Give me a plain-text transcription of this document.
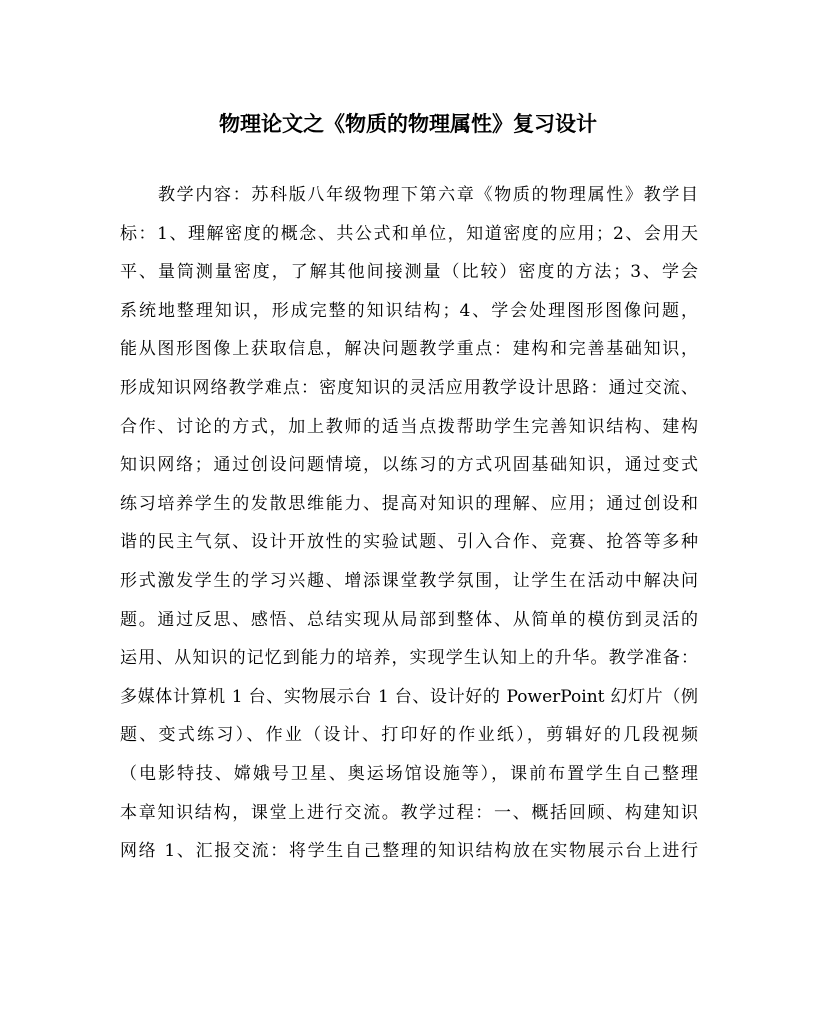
物理论文之《物质的物理属性》复习设计
教学内容：苏科版八年级物理下第六章《物质的物理属性》教学目
标：1、理解密度的概念、共公式和单位，知道密度的应用；2、会用天
平、量筒测量密度，了解其他间接测量（比较）密度的方法；3、学会
系统地整理知识，形成完整的知识结构；4、学会处理图形图像问题，
能从图形图像上获取信息，解决问题教学重点：建构和完善基础知识，
形成知识网络教学难点：密度知识的灵活应用教学设计思路：通过交流、
合作、讨论的方式，加上教师的适当点拨帮助学生完善知识结构、建构
知识网络；通过创设问题情境，以练习的方式巩固基础知识，通过变式
练习培养学生的发散思维能力、提高对知识的理解、应用；通过创设和
谐的民主气氛、设计开放性的实验试题、引入合作、竞赛、抢答等多种
形式激发学生的学习兴趣、增添课堂教学氛围，让学生在活动中解决问
题。通过反思、感悟、总结实现从局部到整体、从简单的模仿到灵活的
运用、从知识的记忆到能力的培养，实现学生认知上的升华。教学准备：
多媒体计算机 1 台、实物展示台 1 台、设计好的 PowerPoint 幻灯片（例
题、变式练习）、作业（设计、打印好的作业纸），剪辑好的几段视频
（电影特技、嫦娥号卫星、奥运场馆设施等），课前布置学生自己整理
本章知识结构，课堂上进行交流。教学过程：一、概括回顾、构建知识
网络 1、汇报交流：将学生自己整理的知识结构放在实物展示台上进行
